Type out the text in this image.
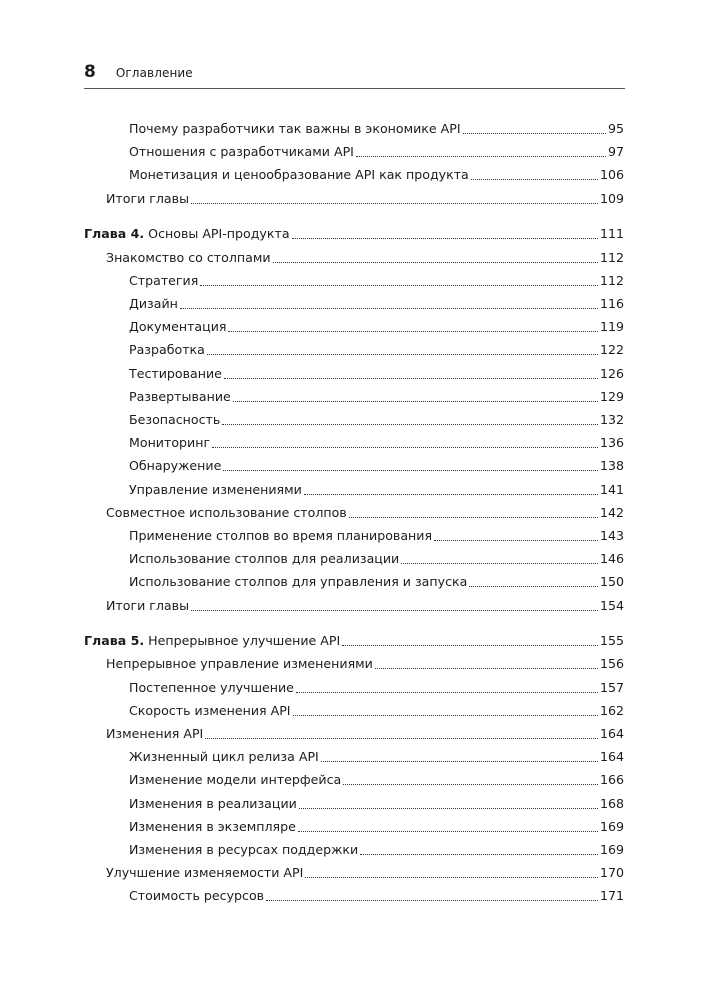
8 Оглавление
Почему разработчики так важны в экономике API	95
Отношения с разработчиками API	97
Монетизация и ценообразование API как продукта	106
Итоги главы	109
Глава 4. Основы API-продукта	111
Знакомство со столпами	112
Стратегия	112
Дизайн	116
Документация	119
Разработка	122
Тестирование	126
Развертывание	129
Безопасность	132
Мониторинг	136
Обнаружение	138
Управление изменениями	141
Совместное использование столпов	142
Применение столпов во время планирования	143
Использование столпов для реализации	146
Использование столпов для управления и запуска	150
Итоги главы	154
Глава 5. Непрерывное улучшение API	155
Непрерывное управление изменениями	156
Постепенное улучшение	157
Скорость изменения API	162
Изменения API	164
Жизненный цикл релиза API	164
Изменение модели интерфейса	166
Изменения в реализации	168
Изменения в экземпляре	169
Изменения в ресурсах поддержки	169
Улучшение изменяемости API	170
Стоимость ресурсов	171
